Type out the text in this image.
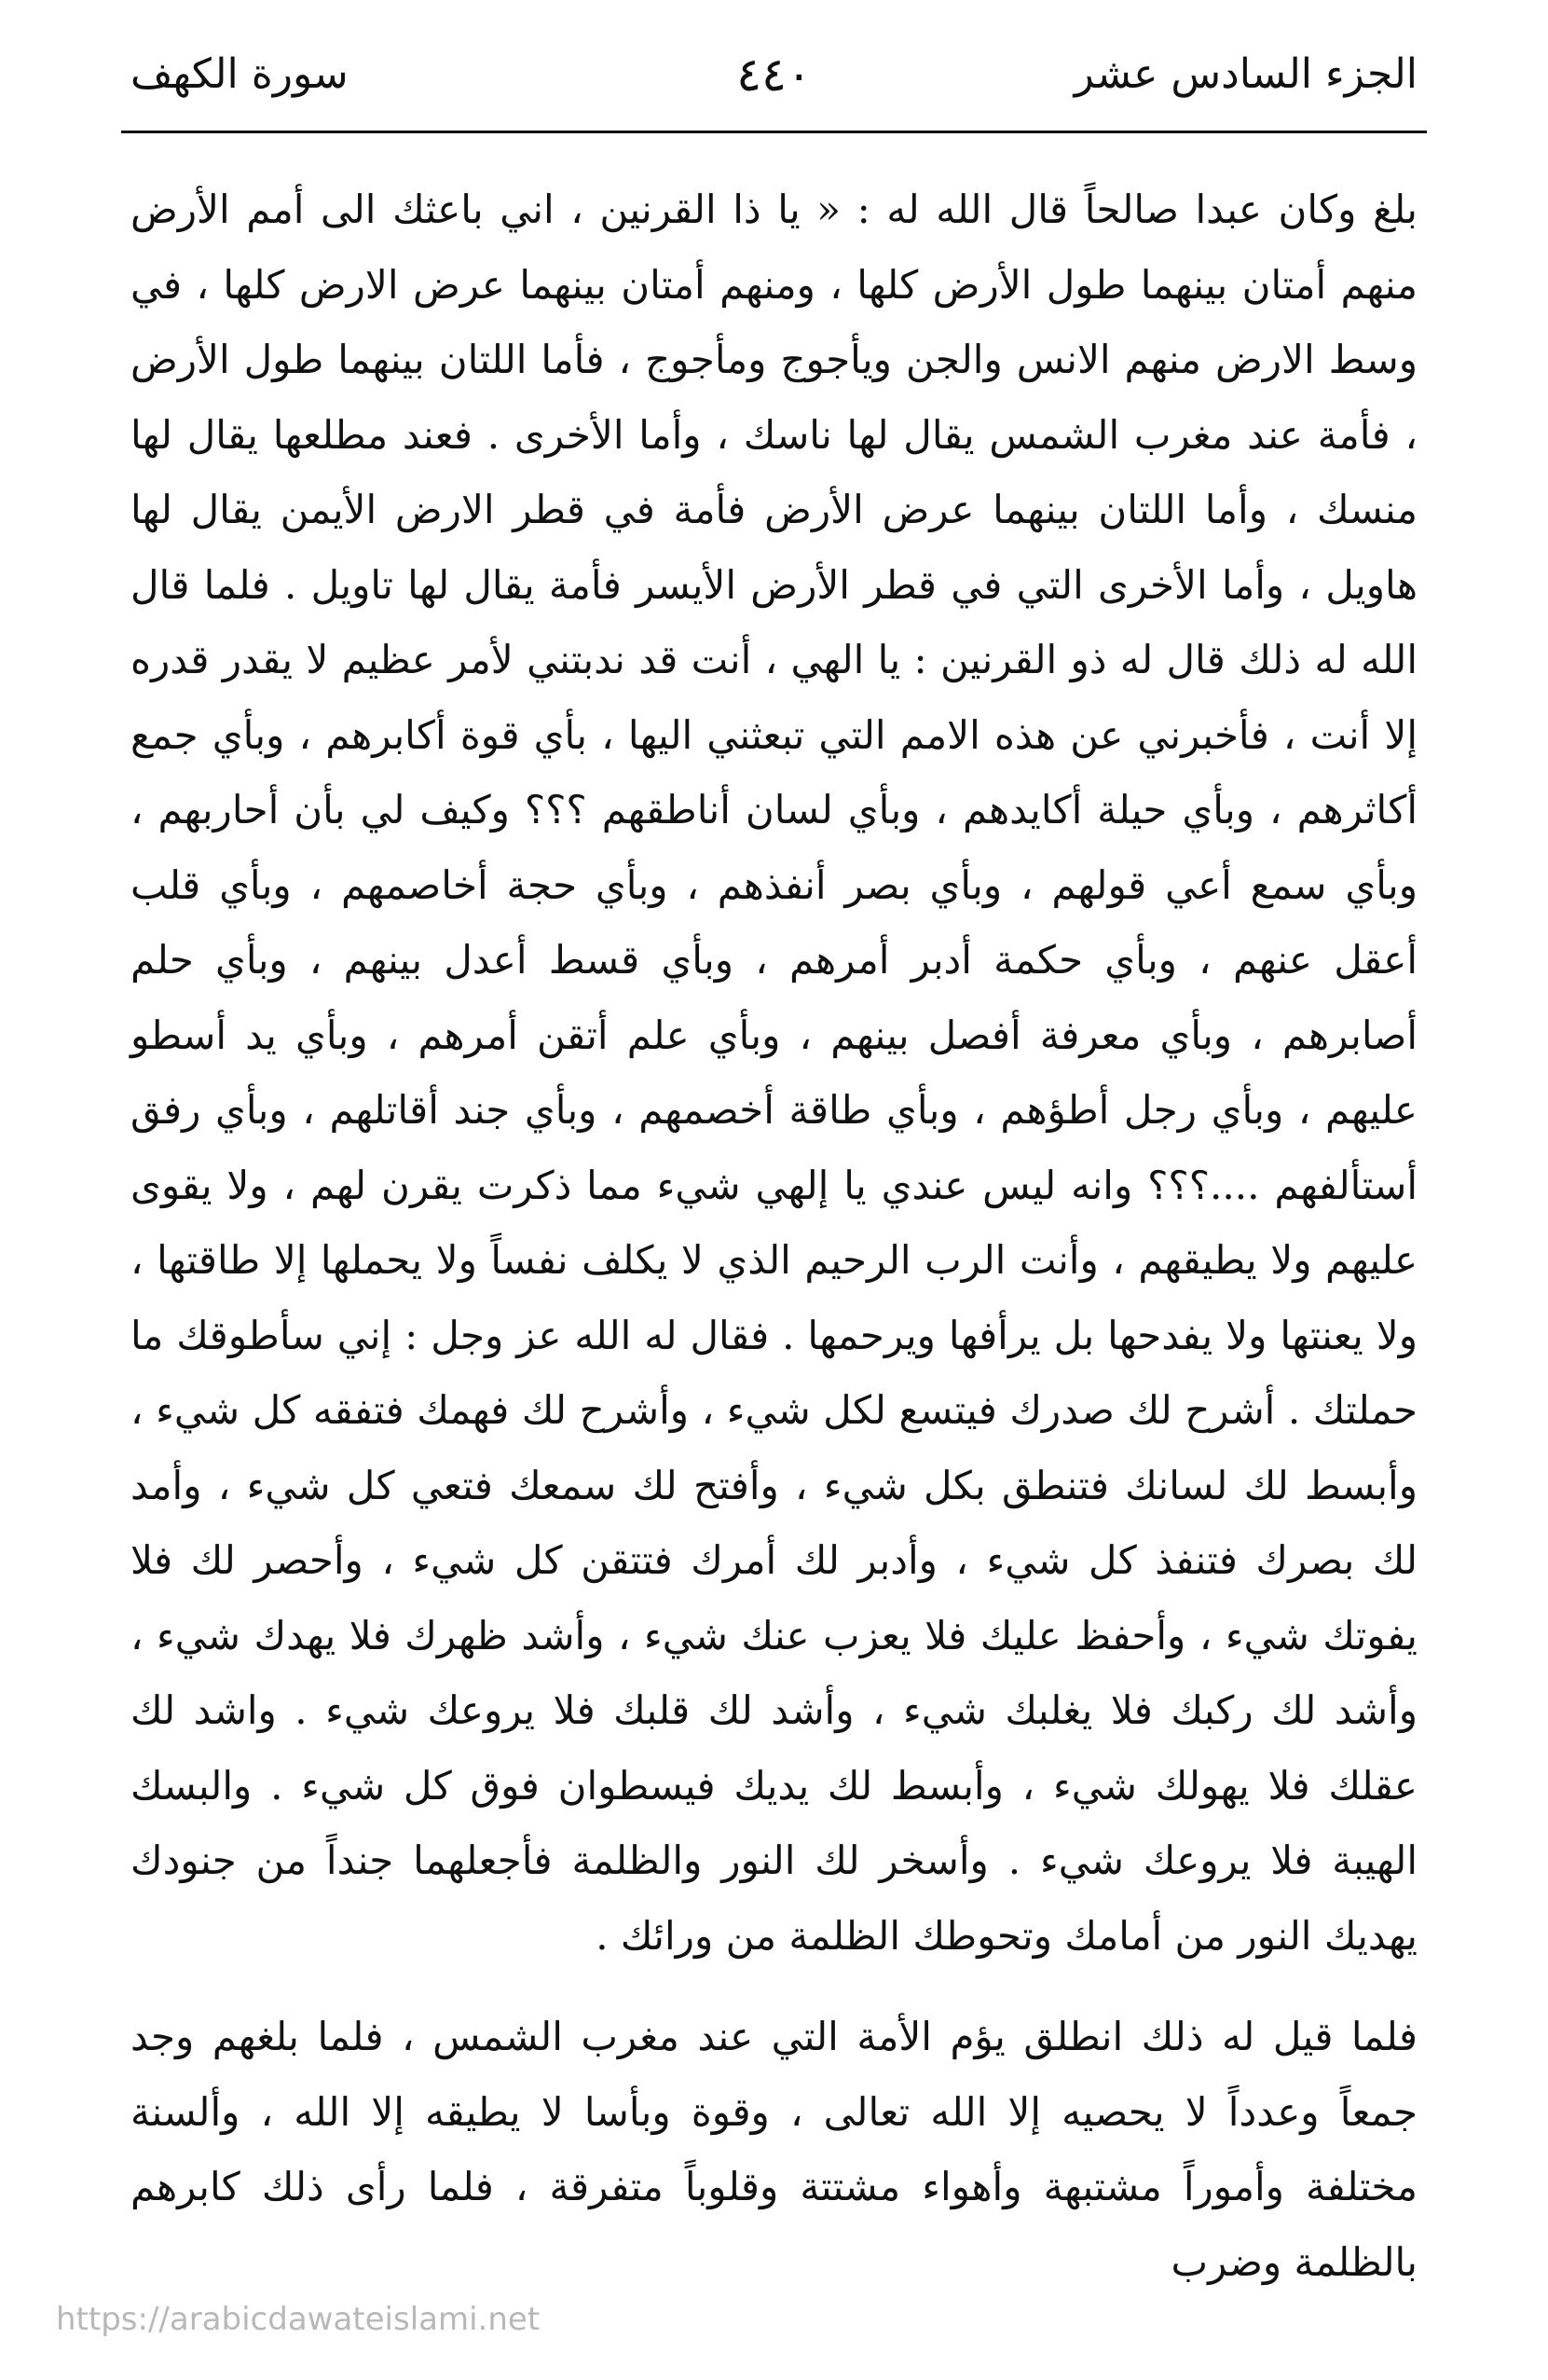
الجزء السادس عشر
٤٤٠
سورة الكهف

بلغ وكان عبدا صالحاً قال الله له : « يا ذا القرنين ، اني باعثك الى أمم الأرض منهم أمتان بينهما طول الأرض كلها ، ومنهم أمتان بينهما عرض الارض كلها ، في وسط الارض منهم الانس والجن ويأجوج ومأجوج ، فأما اللتان بينهما طول الأرض ، فأمة عند مغرب الشمس يقال لها ناسك ، وأما الأخرى . فعند مطلعها يقال لها منسك ، وأما اللتان بينهما عرض الأرض فأمة في قطر الارض الأيمن يقال لها هاويل ، وأما الأخرى التي في قطر الأرض الأيسر فأمة يقال لها تاويل . فلما قال الله له ذلك قال له ذو القرنين : يا الهي ، أنت قد ندبتني لأمر عظيم لا يقدر قدره إلا أنت ، فأخبرني عن هذه الامم التي تبعثني اليها ، بأي قوة أكابرهم ، وبأي جمع أكاثرهم ، وبأي حيلة أكايدهم ، وبأي لسان أناطقهم ؟؟؟ وكيف لي بأن أحاربهم ، وبأي سمع أعي قولهم ، وبأي بصر أنفذهم ، وبأي حجة أخاصمهم ، وبأي قلب أعقل عنهم ، وبأي حكمة أدبر أمرهم ، وبأي قسط أعدل بينهم ، وبأي حلم أصابرهم ، وبأي معرفة أفصل بينهم ، وبأي علم أتقن أمرهم ، وبأي يد أسطو عليهم ، وبأي رجل أطؤهم ، وبأي طاقة أخصمهم ، وبأي جند أقاتلهم ، وبأي رفق أستألفهم ....؟؟؟ وانه ليس عندي يا إلهي شيء مما ذكرت يقرن لهم ، ولا يقوى عليهم ولا يطيقهم ، وأنت الرب الرحيم الذي لا يكلف نفساً ولا يحملها إلا طاقتها ، ولا يعنتها ولا يفدحها بل يرأفها ويرحمها . فقال له الله عز وجل : إني سأطوقك ما حملتك . أشرح لك صدرك فيتسع لكل شيء ، وأشرح لك فهمك فتفقه كل شيء ، وأبسط لك لسانك فتنطق بكل شيء ، وأفتح لك سمعك فتعي كل شيء ، وأمد لك بصرك فتنفذ كل شيء ، وأدبر لك أمرك فتتقن كل شيء ، وأحصر لك فلا يفوتك شيء ، وأحفظ عليك فلا يعزب عنك شيء ، وأشد ظهرك فلا يهدك شيء ، وأشد لك ركبك فلا يغلبك شيء ، وأشد لك قلبك فلا يروعك شيء . واشد لك عقلك فلا يهولك شيء ، وأبسط لك يديك فيسطوان فوق كل شيء . والبسك الهيبة فلا يروعك شيء . وأسخر لك النور والظلمة فأجعلهما جنداً من جنودك يهديك النور من أمامك وتحوطك الظلمة من ورائك .

فلما قيل له ذلك انطلق يؤم الأمة التي عند مغرب الشمس ، فلما بلغهم وجد جمعاً وعدداً لا يحصيه إلا الله تعالى ، وقوة وبأسا لا يطيقه إلا الله ، وألسنة مختلفة وأموراً مشتبهة وأهواء مشتتة وقلوباً متفرقة ، فلما رأى ذلك كابرهم بالظلمة وضرب

https://arabicdawateislami.net
